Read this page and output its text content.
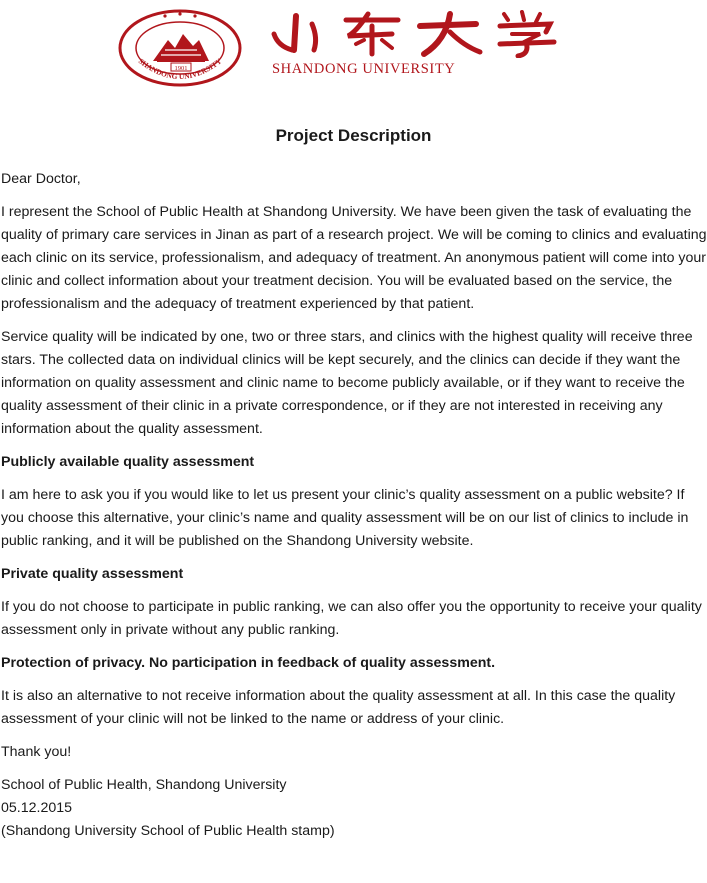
1901
SHANDONG UNIVERSITY	SHANDONG UNIVERSITY
Project Description

Dear Doctor,

I represent the School of Public Health at Shandong University. We have been given the task of evaluating the quality of primary care services in Jinan as part of a research project. We will be coming to clinics and evaluating each clinic on its service, professionalism, and adequacy of treatment. An anonymous patient will come into your clinic and collect information about your treatment decision. You will be evaluated based on the service, the professionalism and the adequacy of treatment experienced by that patient.

Service quality will be indicated by one, two or three stars, and clinics with the highest quality will receive three stars. The collected data on individual clinics will be kept securely, and the clinics can decide if they want the information on quality assessment and clinic name to become publicly available, or if they want to receive the quality assessment of their clinic in a private correspondence, or if they are not interested in receiving any information about the quality assessment.

Publicly available quality assessment

I am here to ask you if you would like to let us present your clinic’s quality assessment on a public website? If you choose this alternative, your clinic’s name and quality assessment will be on our list of clinics to include in public ranking, and it will be published on the Shandong University website.

Private quality assessment

If you do not choose to participate in public ranking, we can also offer you the opportunity to receive your quality assessment only in private without any public ranking.

Protection of privacy. No participation in feedback of quality assessment.

It is also an alternative to not receive information about the quality assessment at all. In this case the quality assessment of your clinic will not be linked to the name or address of your clinic.

Thank you!

School of Public Health, Shandong University

05.12.2015

(Shandong University School of Public Health stamp)
